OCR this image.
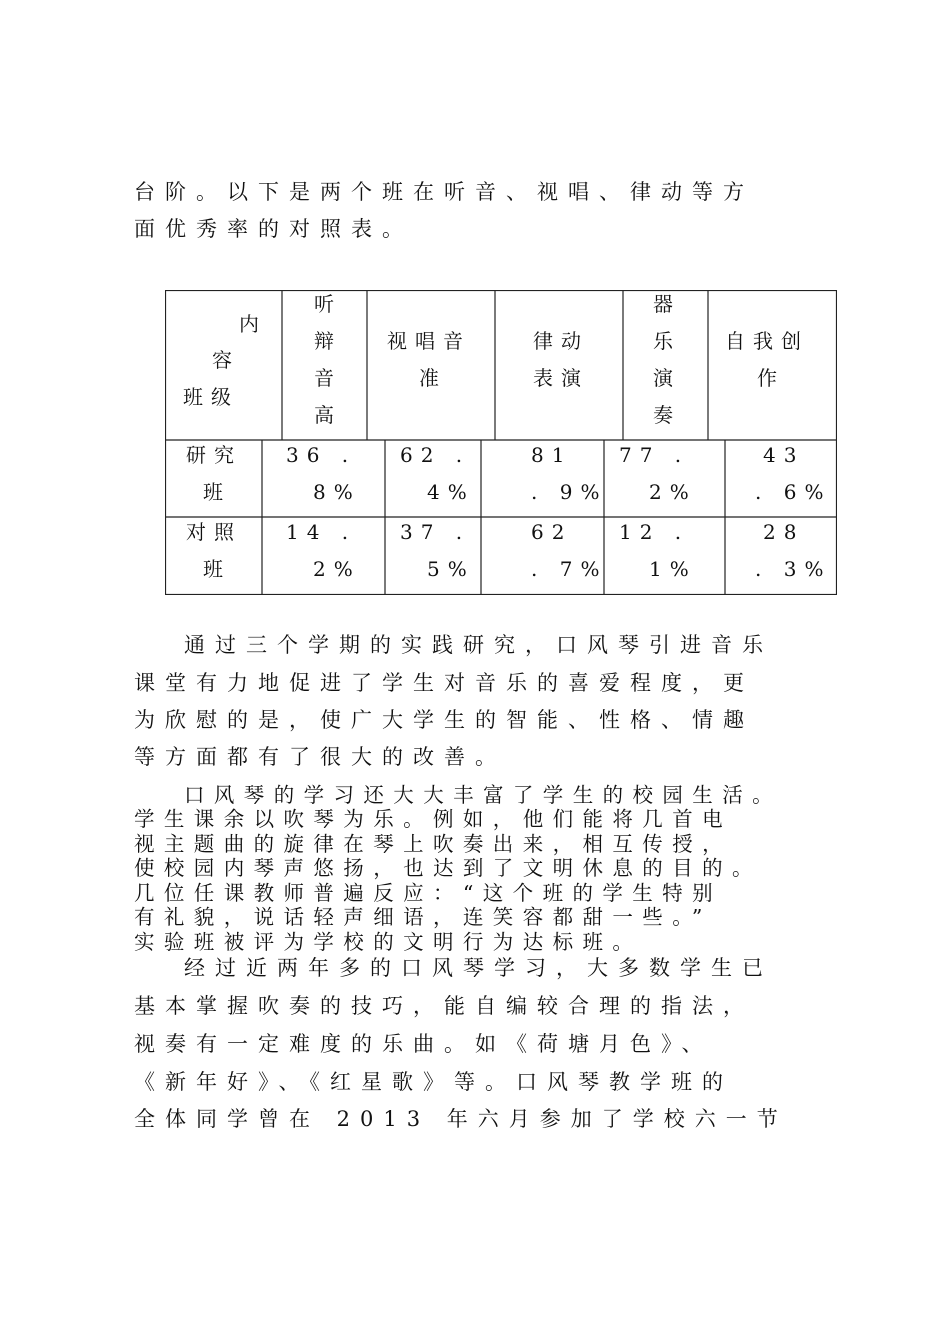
台阶。以下是两个班在听音、视唱、律动等方
面优秀率的对照表。
内
容
班级
听
辩
音
高
视唱音
准
律动
表演
器
乐
演
奏
自我创
作
研究
班
36 .
8%
62 .
4%
81
. 9%
77 .
2%
43
. 6%
对照
班
14 .
2%
37 .
5%
62
. 7%
12 .
1%
28
. 3%
通过三个学期的实践研究，口风琴引进音乐
课堂有力地促进了学生对音乐的喜爱程度，更
为欣慰的是，使广大学生的智能、性格、情趣
等方面都有了很大的改善。
口风琴的学习还大大丰富了学生的校园生活。
学生课余以吹琴为乐。例如，他们能将几首电
视主题曲的旋律在琴上吹奏出来，相互传授，
使校园内琴声悠扬，也达到了文明休息的目的。
几位任课教师普遍反应：“这个班的学生特别
有礼貌，说话轻声细语，连笑容都甜一些。”
实验班被评为学校的文明行为达标班。
经过近两年多的口风琴学习，大多数学生已
基本掌握吹奏的技巧，能自编较合理的指法，
视奏有一定难度的乐曲。如《荷塘月色》、
《新年好》、《红星歌》等。口风琴教学班的
全体同学曾在 2013 年六月参加了学校六一节
